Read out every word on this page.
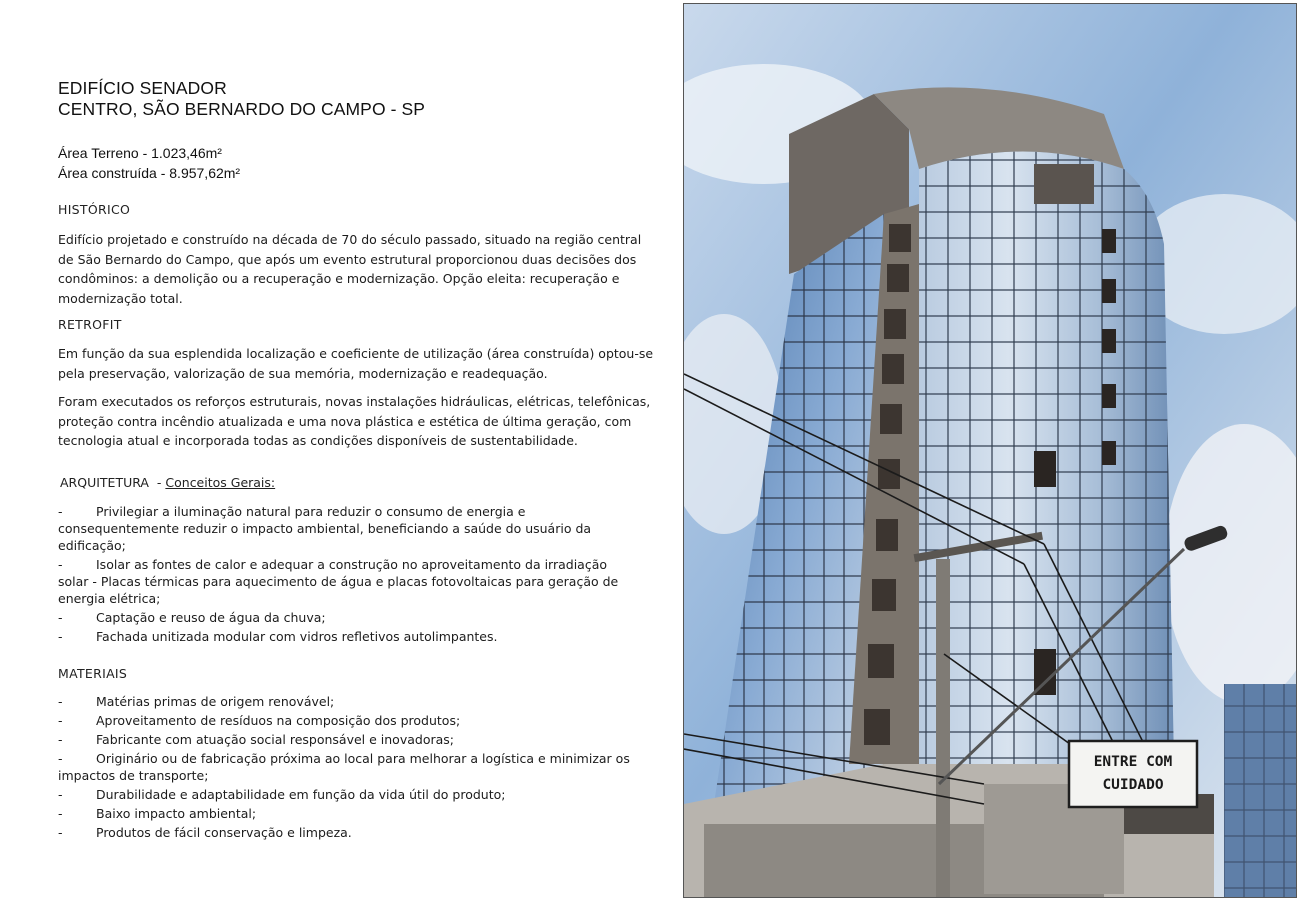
EDIFÍCIO SENADOR
CENTRO, SÃO BERNARDO DO CAMPO - SP
Área Terreno - 1.023,46m²
Área construída - 8.957,62m²
HISTÓRICO
Edifício projetado e construído na década de 70 do século passado, situado na região central de São Bernardo do Campo, que após um evento estrutural proporcionou duas decisões dos condôminos: a demolição ou a recuperação e modernização. Opção eleita: recuperação e modernização total.
RETROFIT
Em função da sua esplendida localização e coeficiente de utilização (área construída) optou-se pela preservação, valorização de sua memória, modernização e readequação.
Foram executados os reforços estruturais, novas instalações hidráulicas, elétricas, telefônicas, proteção contra incêndio atualizada e uma nova plástica e estética de última geração, com tecnologia atual e incorporada todas as condições disponíveis de sustentabilidade.
ARQUITETURA  - Conceitos Gerais:
-	Privilegiar a iluminação natural para reduzir o consumo de energia e consequentemente reduzir o impacto ambiental, beneficiando a saúde do usuário da edificação;
-	Isolar as fontes de calor e adequar a construção no aproveitamento da irradiação solar - Placas térmicas para aquecimento de água e placas fotovoltaicas para geração de energia elétrica;
-	Captação e reuso de água da chuva;
-	Fachada unitizada modular com vidros refletivos autolimpantes.
MATERIAIS
-	Matérias primas de origem renovável;
-	Aproveitamento de resíduos na composição dos produtos;
-	Fabricante com atuação social responsável e inovadoras;
-	Originário ou de fabricação próxima ao local para melhorar a logística e minimizar os impactos de transporte;
-	Durabilidade e adaptabilidade em função da vida útil do produto;
-	Baixo impacto ambiental;
-	Produtos de fácil conservação e limpeza.
ENTRE COM
CUIDADO
